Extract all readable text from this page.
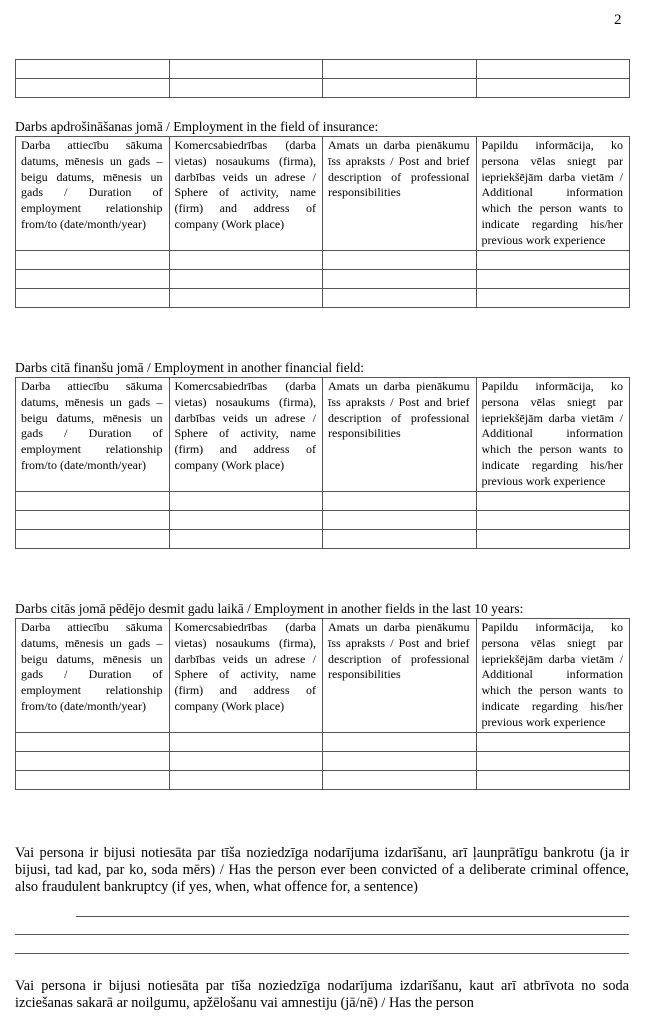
2

Darbs apdrošināšanas jomā / Employment in the field of insurance:
Darba attiecību sākuma datums, mēnesis un gads – beigu datums, mēnesis un gads / Duration of employment relationship from/to (date/month/year)	Komercsabiedrības (darba vietas) nosaukums (firma), darbības veids un adrese / Sphere of activity, name (firm) and address of company (Work place)	Amats un darba pienākumu īss apraksts / Post and brief description of professional responsibilities	Papildu informācija, ko persona vēlas sniegt par iepriekšējām darba vietām / Additional information which the person wants to indicate regarding his/her previous work experience

Darbs citā finanšu jomā / Employment in another financial field:
Darba attiecību sākuma datums, mēnesis un gads – beigu datums, mēnesis un gads / Duration of employment relationship from/to (date/month/year)	Komercsabiedrības (darba vietas) nosaukums (firma), darbības veids un adrese / Sphere of activity, name (firm) and address of company (Work place)	Amats un darba pienākumu īss apraksts / Post and brief description of professional responsibilities	Papildu informācija, ko persona vēlas sniegt par iepriekšējām darba vietām / Additional information which the person wants to indicate regarding his/her previous work experience

Darbs citās jomā pēdējo desmit gadu laikā / Employment in another fields in the last 10 years:
Darba attiecību sākuma datums, mēnesis un gads – beigu datums, mēnesis un gads / Duration of employment relationship from/to (date/month/year)	Komercsabiedrības (darba vietas) nosaukums (firma), darbības veids un adrese / Sphere of activity, name (firm) and address of company (Work place)	Amats un darba pienākumu īss apraksts / Post and brief description of professional responsibilities	Papildu informācija, ko persona vēlas sniegt par iepriekšējām darba vietām / Additional information which the person wants to indicate regarding his/her previous work experience

Vai persona ir bijusi notiesāta par tīša noziedzīga nodarījuma izdarīšanu, arī ļaunprātīgu bankrotu (ja ir bijusi, tad kad, par ko, soda mērs) / Has the person ever been convicted of a deliberate criminal offence, also fraudulent bankruptcy (if yes, when, what offence for, a sentence)
Vai persona ir bijusi notiesāta par tīša noziedzīga nodarījuma izdarīšanu, kaut arī atbrīvota no soda izciešanas sakarā ar noilgumu, apžēlošanu vai amnestiju (jā/nē) / Has the person
